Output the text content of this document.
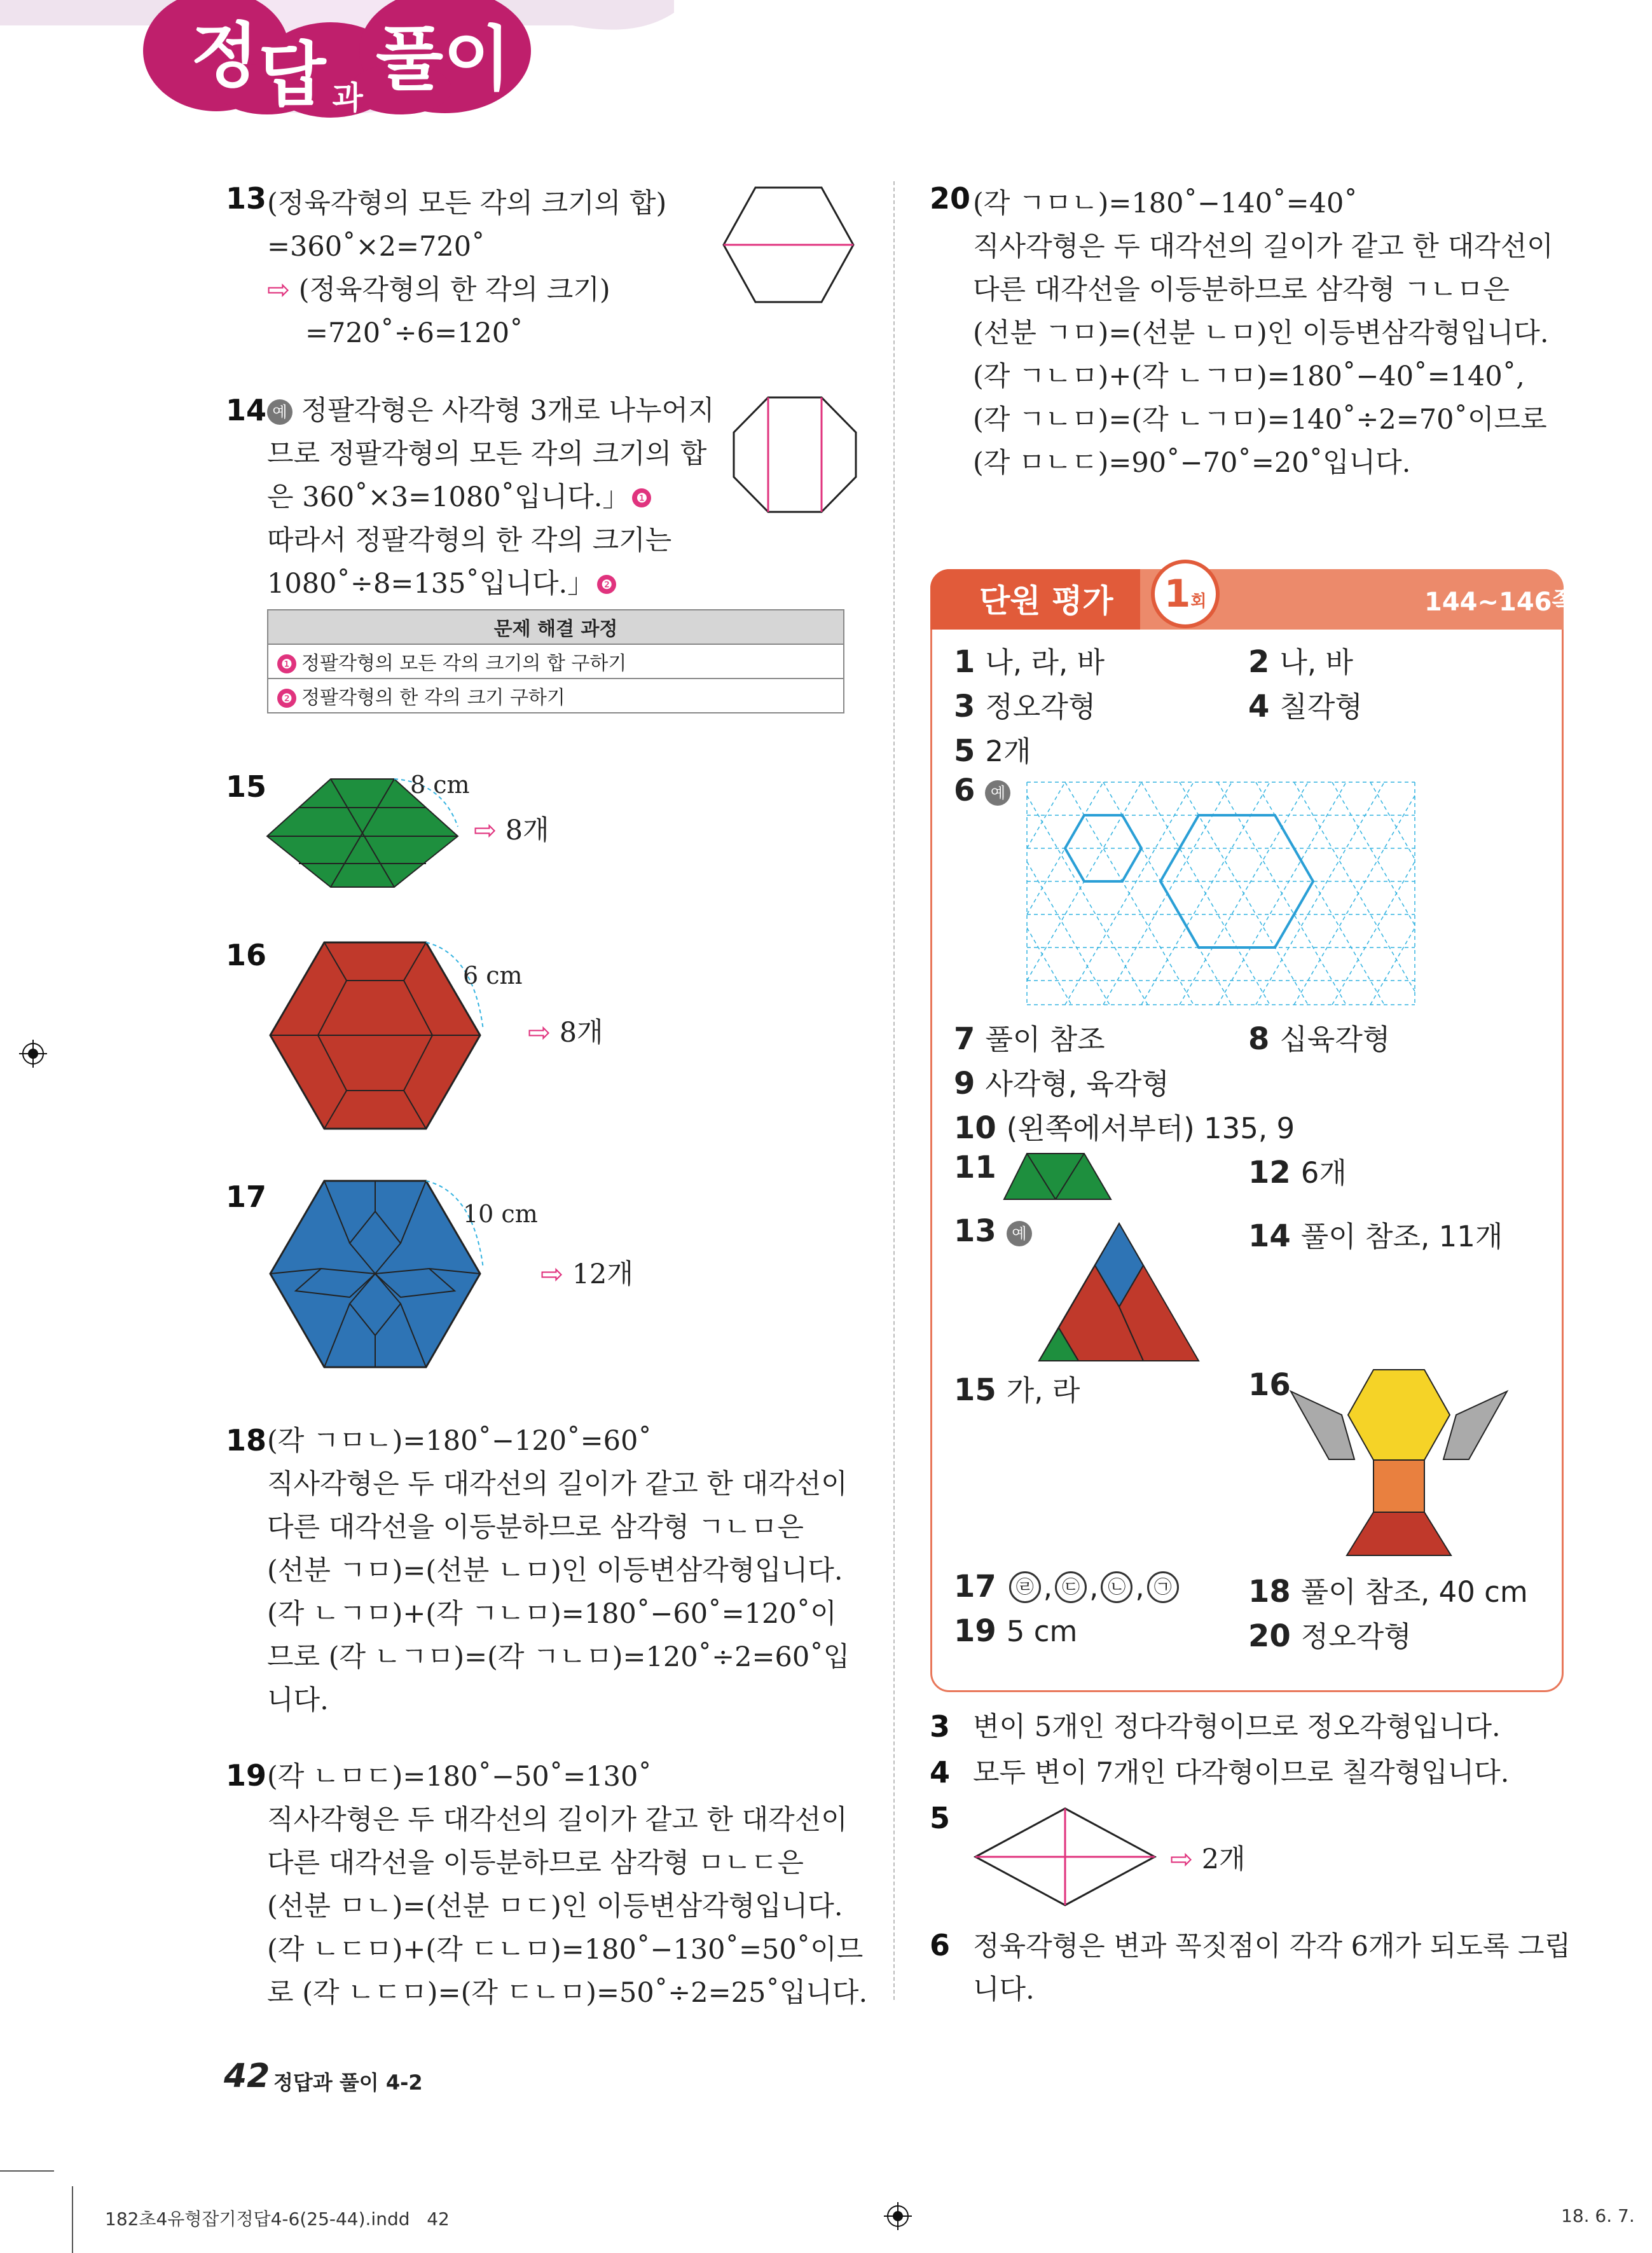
정답 과 풀이
13 (정육각형의 모든 각의 크기의 합)
=360˚×2=720˚
⇨ (정육각형의 한 각의 크기)
=720˚÷6=120˚
14 예 정팔각형은 사각형 3개로 나누어지
므로 정팔각형의 모든 각의 크기의 합
은 360˚×3=1080˚입니다.」 ❶
따라서 정팔각형의 한 각의 크기는
1080˚÷8=135˚입니다.」 ❷
문제 해결 과정
❶ 정팔각형의 모든 각의 크기의 합 구하기
❷ 정팔각형의 한 각의 크기 구하기
15	8 cm
⇨ 8개
16
6 cm
⇨ 8개
17	10 cm
⇨ 12개
18 (각 ㄱㅁㄴ)=180˚−120˚=60˚
직사각형은 두 대각선의 길이가 같고 한 대각선이
다른 대각선을 이등분하므로 삼각형 ㄱㄴㅁ은
(선분 ㄱㅁ)=(선분 ㄴㅁ)인 이등변삼각형입니다.
(각 ㄴㄱㅁ)+(각 ㄱㄴㅁ)=180˚−60˚=120˚이
므로 (각 ㄴㄱㅁ)=(각 ㄱㄴㅁ)=120˚÷2=60˚입
니다.
19 (각 ㄴㅁㄷ)=180˚−50˚=130˚
직사각형은 두 대각선의 길이가 같고 한 대각선이
다른 대각선을 이등분하므로 삼각형 ㅁㄴㄷ은
(선분 ㅁㄴ)=(선분 ㅁㄷ)인 이등변삼각형입니다.
(각 ㄴㄷㅁ)+(각 ㄷㄴㅁ)=180˚−130˚=50˚이므
로 (각 ㄴㄷㅁ)=(각 ㄷㄴㅁ)=50˚÷2=25˚입니다.
20 (각 ㄱㅁㄴ)=180˚−140˚=40˚
직사각형은 두 대각선의 길이가 같고 한 대각선이
다른 대각선을 이등분하므로 삼각형 ㄱㄴㅁ은
(선분 ㄱㅁ)=(선분 ㄴㅁ)인 이등변삼각형입니다.
(각 ㄱㄴㅁ)+(각 ㄴㄱㅁ)=180˚−40˚=140˚,
(각 ㄱㄴㅁ)=(각 ㄴㄱㅁ)=140˚÷2=70˚이므로
(각 ㅁㄴㄷ)=90˚−70˚=20˚입니다.
단원 평가	1회	144~146쪽
1 나, 라, 바	2 나, 바
3 정오각형	4 칠각형
5 2개
6 예
7 풀이 참조	8 십육각형
9 사각형, 육각형
10 (왼쪽에서부터) 135, 9
11	12 6개
13 예	14 풀이 참조, 11개
15 가, 라	16
17 ㉣ , ㉢ , ㉡ , ㉠	18 풀이 참조, 40 cm
19 5 cm	20 정오각형
3 변이 5개인 정다각형이므로 정오각형입니다.
4 모두 변이 7개인 다각형이므로 칠각형입니다.
5
⇨ 2개
6 정육각형은 변과 꼭짓점이 각각 6개가 되도록 그립
니다.
42 정답과 풀이 4-2
182초4유형잡기정답4-6(25-44).indd   42	18. 6. 7.
